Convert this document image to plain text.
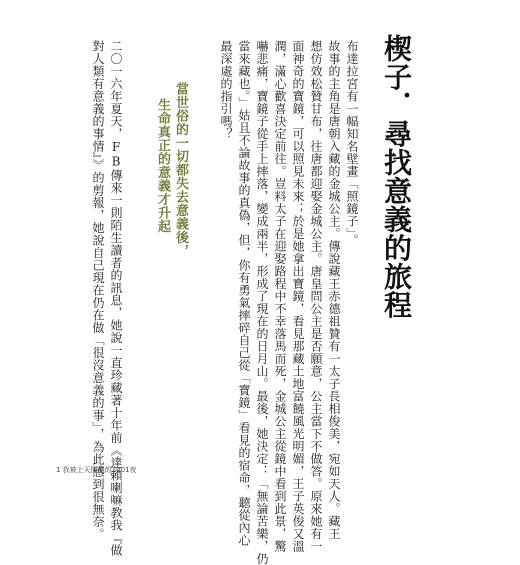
楔子．尋找意義的旅程
布達拉宮有一幅知名壁畫「照鏡子」。
故事的主角是唐朝入藏的金城公主。傳說藏王赤德祖贊有一太子長相俊美，宛如天人。藏王
想仿效松贊甘布，往唐都迎娶金城公主。唐皇問公主是否願意，公主當下不做答。原來她有一
面神奇的寶鏡，可以照見未來；於是她拿出寶鏡，看見那藏土地富饒風光明媚，王子英俊又溫
潤，滿心歡喜決定前往。豈料太子在迎娶路程中不幸落馬而死，金城公主從鏡中看到此景，驚
嚇悲痛，寶鏡子從手上摔落，變成兩半，形成了現在的日月山。最後，她決定：「無論苦樂，仍
當來藏也。」姑且不論故事的真偽，但，你有勇氣摔碎自己從「寶鏡」看見的宿命，聽從內心
最深處的指引嗎？
當世俗的一切都失去意義後，
生命真正的意義才升起
二〇一六年夏天，FB傳來一則陌生讀者的訊息，她說一直珍藏著十年前《達賴喇嘛教我『做
對人類有意義的事情』》的剪報，她說自己現在仍在做「很沒意義的事」，為此感到很無奈。
1 我被上天開機的2001夜
